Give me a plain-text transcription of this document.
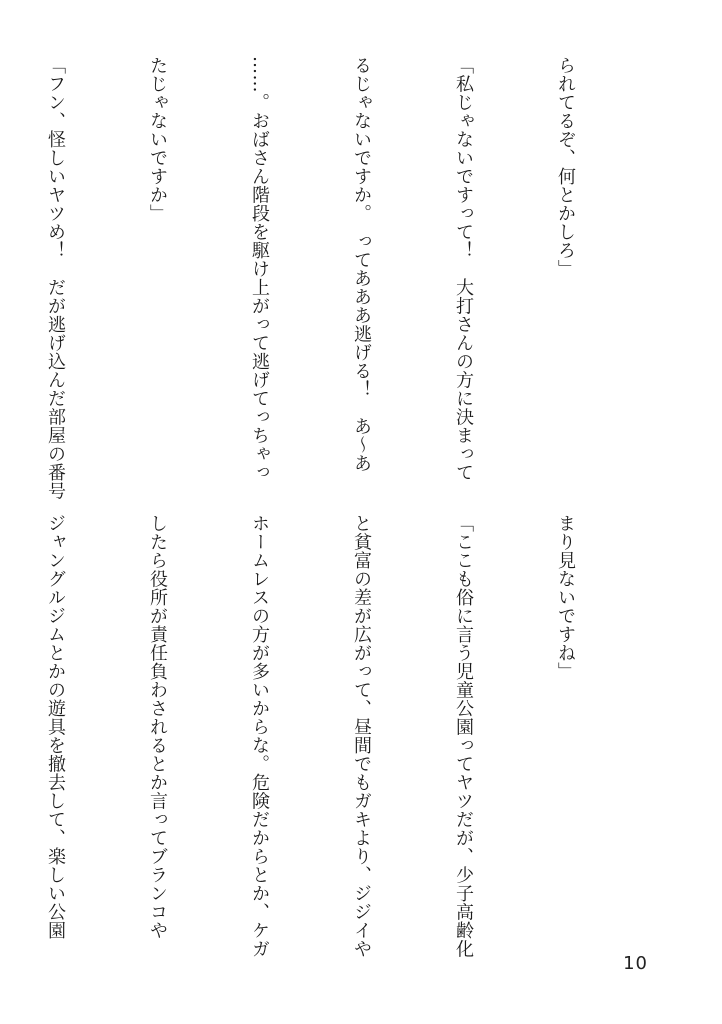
られてるぞ、何とかしろ」

「私じゃないですって！　大打さんの方に決まって

るじゃないですか。　ってあああ逃げる！　あ〜あ

……。おばさん階段を駆け上がって逃げてっちゃっ

たじゃないですか」

「フン、怪しいヤツめ！　だが逃げ込んだ部屋の番号

まり見ないですね」

「ここも俗に言う児童公園ってヤツだが、少子高齢化

と貧富の差が広がって、昼間でもガキより、ジジイや

ホームレスの方が多いからな。危険だからとか、ケガ

したら役所が責任負わされるとか言ってブランコや

ジャングルジムとかの遊具を撤去して、楽しい公園

10
